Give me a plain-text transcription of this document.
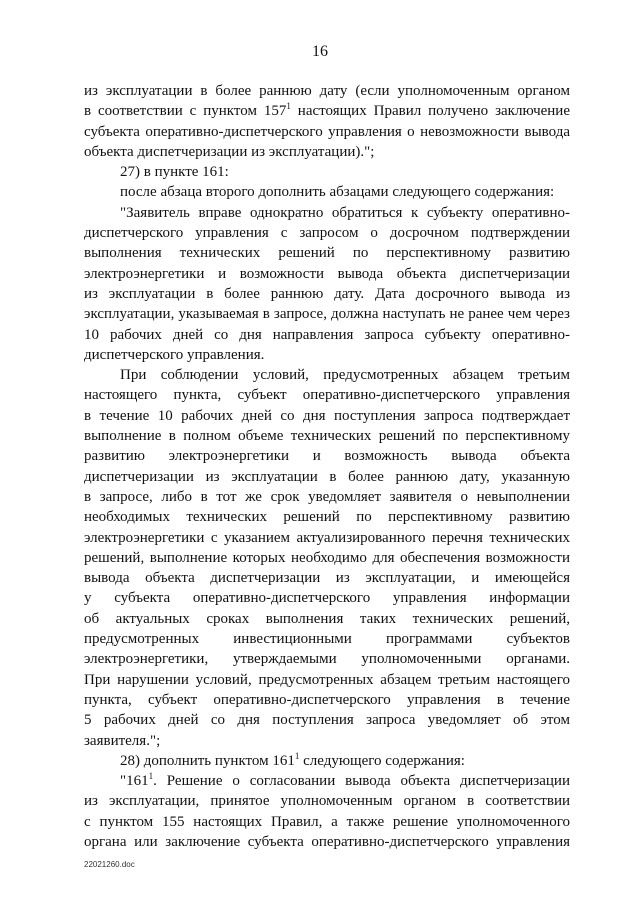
16

из эксплуатации в более раннюю дату (если уполномоченным органом
в соответствии с пунктом $157^1$ настоящих Правил получено заключение
субъекта оперативно-диспетчерского управления о невозможности вывода
объекта диспетчеризации из эксплуатации).";

27) в пункте 161:

после абзаца второго дополнить абзацами следующего содержания:

"Заявитель вправе однократно обратиться к субъекту оперативно-
диспетчерского управления с запросом о досрочном подтверждении
выполнения технических решений по перспективному развитию
электроэнергетики и возможности вывода объекта диспетчеризации
из эксплуатации в более раннюю дату. Дата досрочного вывода из
эксплуатации, указываемая в запросе, должна наступать не ранее чем через
10 рабочих дней со дня направления запроса субъекту оперативно-
диспетчерского управления.

При соблюдении условий, предусмотренных абзацем третьим
настоящего пункта, субъект оперативно-диспетчерского управления
в течение 10 рабочих дней со дня поступления запроса подтверждает
выполнение в полном объеме технических решений по перспективному
развитию электроэнергетики и возможность вывода объекта
диспетчеризации из эксплуатации в более раннюю дату, указанную
в запросе, либо в тот же срок уведомляет заявителя о невыполнении
необходимых технических решений по перспективному развитию
электроэнергетики с указанием актуализированного перечня технических
решений, выполнение которых необходимо для обеспечения возможности
вывода объекта диспетчеризации из эксплуатации, и имеющейся
у субъекта оперативно-диспетчерского управления информации
об актуальных сроках выполнения таких технических решений,
предусмотренных инвестиционными программами субъектов
электроэнергетики, утверждаемыми уполномоченными органами.
При нарушении условий, предусмотренных абзацем третьим настоящего
пункта, субъект оперативно-диспетчерского управления в течение
5 рабочих дней со дня поступления запроса уведомляет об этом
заявителя.";

28) дополнить пунктом $161^1$ следующего содержания:

"$161^1$. Решение о согласовании вывода объекта диспетчеризации
из эксплуатации, принятое уполномоченным органом в соответствии
с пунктом 155 настоящих Правил, а также решение уполномоченного
органа или заключение субъекта оперативно-диспетчерского управления

22021260.doc
